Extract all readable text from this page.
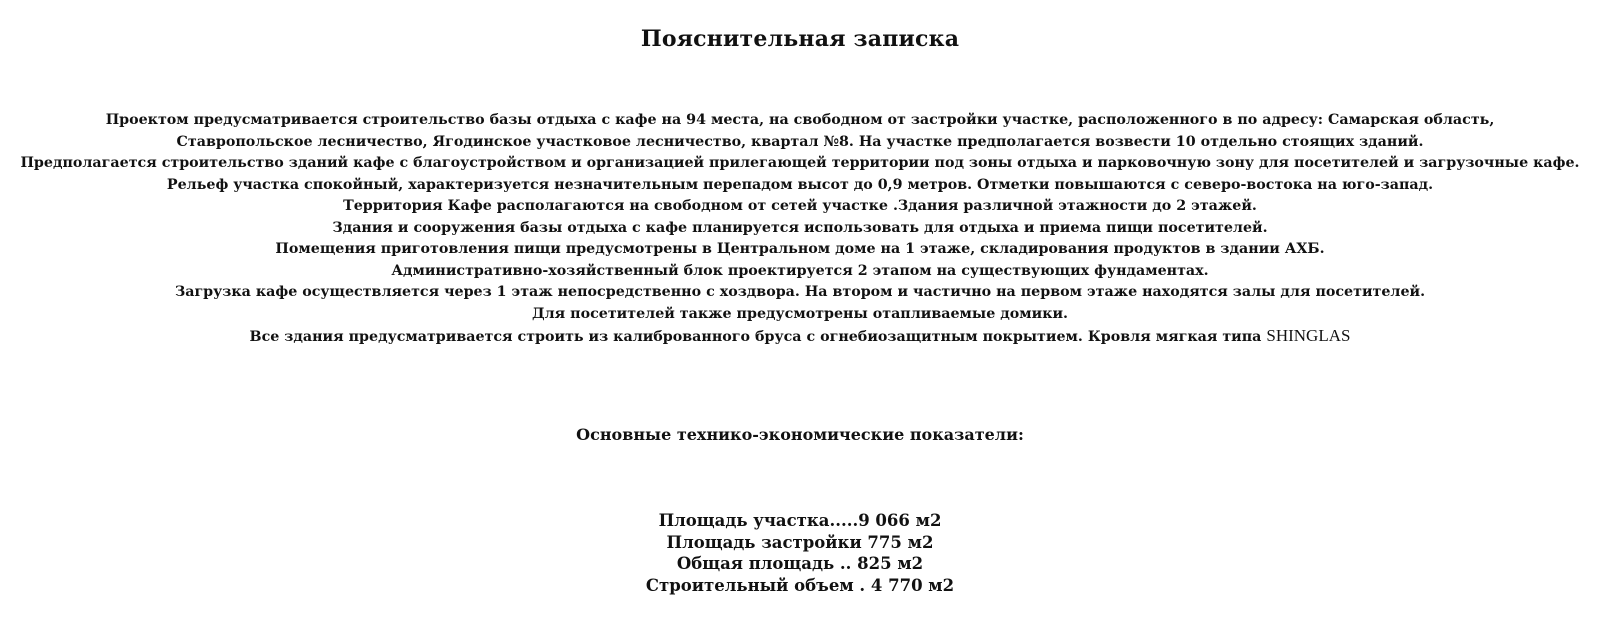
Пояснительная записка
Проектом предусматривается строительство базы отдыха с кафе на 94 места, на свободном от застройки участке, расположенного в по адресу: Самарская область,
Ставропольское лесничество, Ягодинское участковое лесничество, квартал №8. На участке предполагается возвести 10 отдельно стоящих зданий.
Предполагается строительство зданий кафе с благоустройством и организацией прилегающей территории под зоны отдыха и парковочную зону для посетителей и загрузочные кафе.
Рельеф участка спокойный, характеризуется незначительным перепадом высот до 0,9 метров. Отметки повышаются с северо-востока на юго-запад.
Территория Кафе располагаются на свободном от сетей участке .Здания различной этажности до 2 этажей.
Здания и сооружения базы отдыха с кафе планируется использовать для отдыха и приема пищи посетителей.
Помещения приготовления пищи предусмотрены в Центральном доме на 1 этаже, складирования продуктов в здании АХБ.
Административно-хозяйственный блок проектируется 2 этапом на существующих фундаментах.
Загрузка кафе осуществляется через 1 этаж непосредственно с хоздвора. На втором и частично на первом этаже находятся залы для посетителей.
Для посетителей также предусмотрены отапливаемые домики.
Все здания предусматривается строить из калиброванного бруса с огнебиозащитным покрытием. Кровля мягкая типа SHINGLAS
Основные технико-экономические показатели:
Площадь участка.....9 066 м2
Площадь застройки 775 м2
Общая площадь .. 825 м2
Строительный объем . 4 770 м2
